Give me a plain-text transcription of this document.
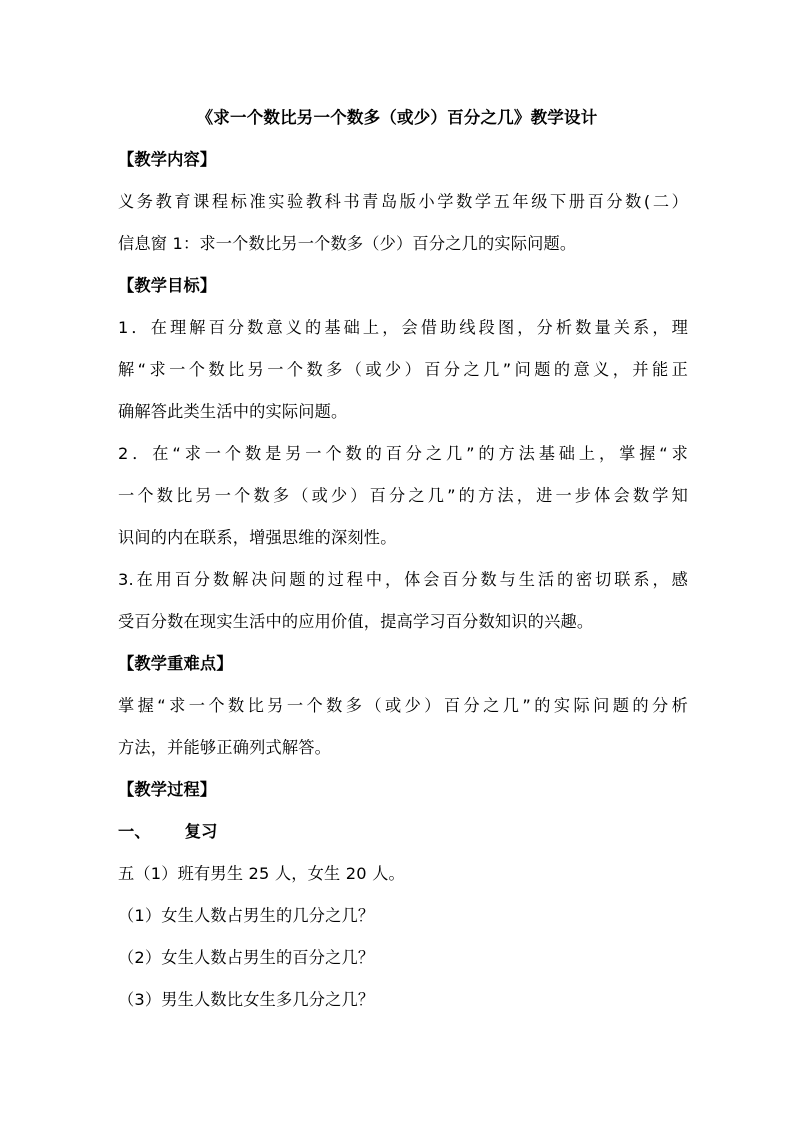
《求一个数比另一个数多（或少）百分之几》教学设计
【教学内容】
义务教育课程标准实验教科书青岛版小学数学五年级下册百分数(二）
信息窗 1：求一个数比另一个数多（少）百分之几的实际问题。
【教学目标】
1．在理解百分数意义的基础上，会借助线段图，分析数量关系，理
解“求一个数比另一个数多（或少）百分之几”问题的意义，并能正
确解答此类生活中的实际问题。
2．在“求一个数是另一个数的百分之几”的方法基础上，掌握“求
一个数比另一个数多（或少）百分之几”的方法，进一步体会数学知
识间的内在联系，增强思维的深刻性。
3.在用百分数解决问题的过程中，体会百分数与生活的密切联系，感
受百分数在现实生活中的应用价值，提高学习百分数知识的兴趣。
【教学重难点】
掌握“求一个数比另一个数多（或少）百分之几”的实际问题的分析
方法，并能够正确列式解答。
【教学过程】
一、 复习
五（1）班有男生 25 人，女生 20 人。
（1）女生人数占男生的几分之几？
（2）女生人数占男生的百分之几？
（3）男生人数比女生多几分之几？
